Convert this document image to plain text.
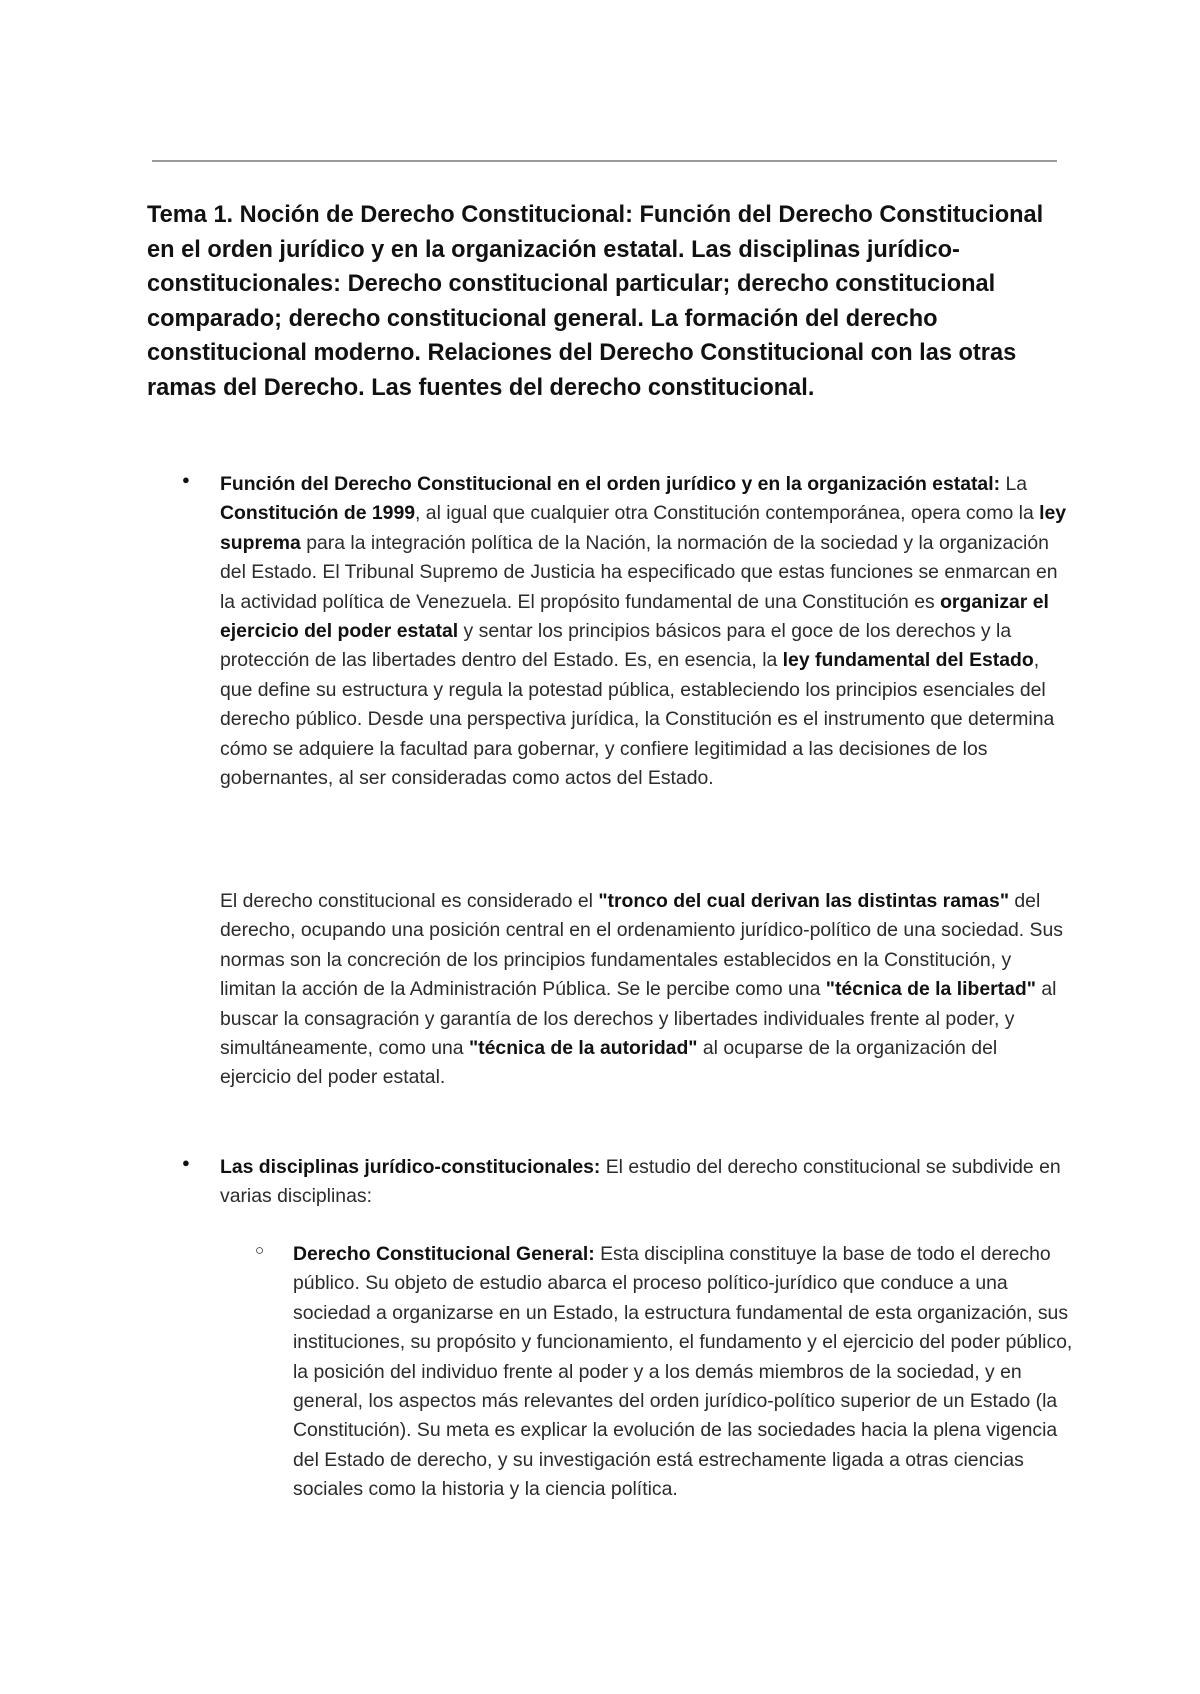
Tema 1. Noción de Derecho Constitucional: Función del Derecho Constitucional en el orden jurídico y en la organización estatal. Las disciplinas jurídico-constitucionales: Derecho constitucional particular; derecho constitucional comparado; derecho constitucional general. La formación del derecho constitucional moderno. Relaciones del Derecho Constitucional con las otras ramas del Derecho. Las fuentes del derecho constitucional.
● Función del Derecho Constitucional en el orden jurídico y en la organización estatal: La Constitución de 1999, al igual que cualquier otra Constitución contemporánea, opera como la ley suprema para la integración política de la Nación, la normación de la sociedad y la organización del Estado. El Tribunal Supremo de Justicia ha especificado que estas funciones se enmarcan en la actividad política de Venezuela. El propósito fundamental de una Constitución es organizar el ejercicio del poder estatal y sentar los principios básicos para el goce de los derechos y la protección de las libertades dentro del Estado. Es, en esencia, la ley fundamental del Estado, que define su estructura y regula la potestad pública, estableciendo los principios esenciales del derecho público. Desde una perspectiva jurídica, la Constitución es el instrumento que determina cómo se adquiere la facultad para gobernar, y confiere legitimidad a las decisiones de los gobernantes, al ser consideradas como actos del Estado.

El derecho constitucional es considerado el "tronco del cual derivan las distintas ramas" del derecho, ocupando una posición central en el ordenamiento jurídico-político de una sociedad. Sus normas son la concreción de los principios fundamentales establecidos en la Constitución, y limitan la acción de la Administración Pública. Se le percibe como una "técnica de la libertad" al buscar la consagración y garantía de los derechos y libertades individuales frente al poder, y simultáneamente, como una "técnica de la autoridad" al ocuparse de la organización del ejercicio del poder estatal.

● Las disciplinas jurídico-constitucionales: El estudio del derecho constitucional se subdivide en varias disciplinas:

○ Derecho Constitucional General: Esta disciplina constituye la base de todo el derecho público. Su objeto de estudio abarca el proceso político-jurídico que conduce a una sociedad a organizarse en un Estado, la estructura fundamental de esta organización, sus instituciones, su propósito y funcionamiento, el fundamento y el ejercicio del poder público, la posición del individuo frente al poder y a los demás miembros de la sociedad, y en general, los aspectos más relevantes del orden jurídico-político superior de un Estado (la Constitución). Su meta es explicar la evolución de las sociedades hacia la plena vigencia del Estado de derecho, y su investigación está estrechamente ligada a otras ciencias sociales como la historia y la ciencia política.
